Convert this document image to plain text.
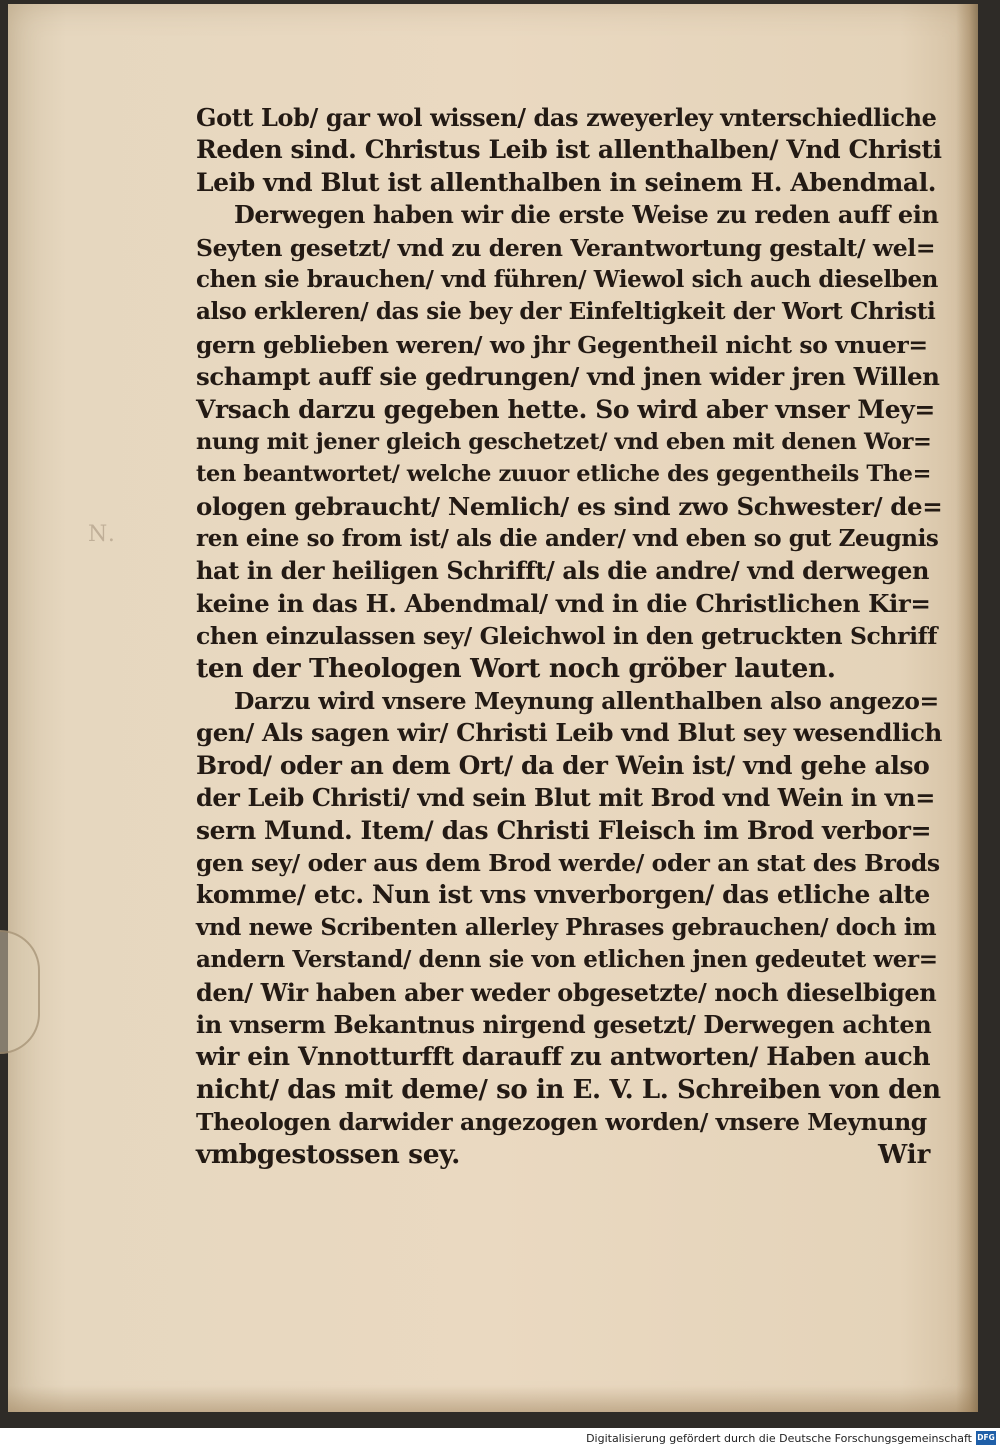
N.
Gott Lob/ gar wol wissen/ das zweyerley vnterschiedliche
Reden sind. Christus Leib ist allenthalben/ Vnd Christi
Leib vnd Blut ist allenthalben in seinem H. Abendmal.
Derwegen haben wir die erste Weise zu reden auff ein
Seyten gesetzt/ vnd zu deren Verantwortung gestalt/ wel=
chen sie brauchen/ vnd führen/ Wiewol sich auch dieselben
also erkleren/ das sie bey der Einfeltigkeit der Wort Christi
gern geblieben weren/ wo jhr Gegentheil nicht so vnuer=
schampt auff sie gedrungen/ vnd jnen wider jren Willen
Vrsach darzu gegeben hette. So wird aber vnser Mey=
nung mit jener gleich geschetzet/ vnd eben mit denen Wor=
ten beantwortet/ welche zuuor etliche des gegentheils The=
ologen gebraucht/ Nemlich/ es sind zwo Schwester/ de=
ren eine so from ist/ als die ander/ vnd eben so gut Zeugnis
hat in der heiligen Schrifft/ als die andre/ vnd derwegen
keine in das H. Abendmal/ vnd in die Christlichen Kir=
chen einzulassen sey/ Gleichwol in den getruckten Schriff
ten der Theologen Wort noch gröber lauten.
Darzu wird vnsere Meynung allenthalben also angezo=
gen/ Als sagen wir/ Christi Leib vnd Blut sey wesendlich
Brod/ oder an dem Ort/ da der Wein ist/ vnd gehe also
der Leib Christi/ vnd sein Blut mit Brod vnd Wein in vn=
sern Mund. Item/ das Christi Fleisch im Brod verbor=
gen sey/ oder aus dem Brod werde/ oder an stat des Brods
komme/ etc. Nun ist vns vnverborgen/ das etliche alte
vnd newe Scribenten allerley Phrases gebrauchen/ doch im
andern Verstand/ denn sie von etlichen jnen gedeutet wer=
den/ Wir haben aber weder obgesetzte/ noch dieselbigen
in vnserm Bekantnus nirgend gesetzt/ Derwegen achten
wir ein Vnnotturfft darauff zu antworten/ Haben auch
nicht/ das mit deme/ so in E. V. L. Schreiben von den
Theologen darwider angezogen worden/ vnsere Meynung
vmbgestossen sey.	Wir
Digitalisierung gefördert durch die Deutsche Forschungsgemeinschaft DFG
